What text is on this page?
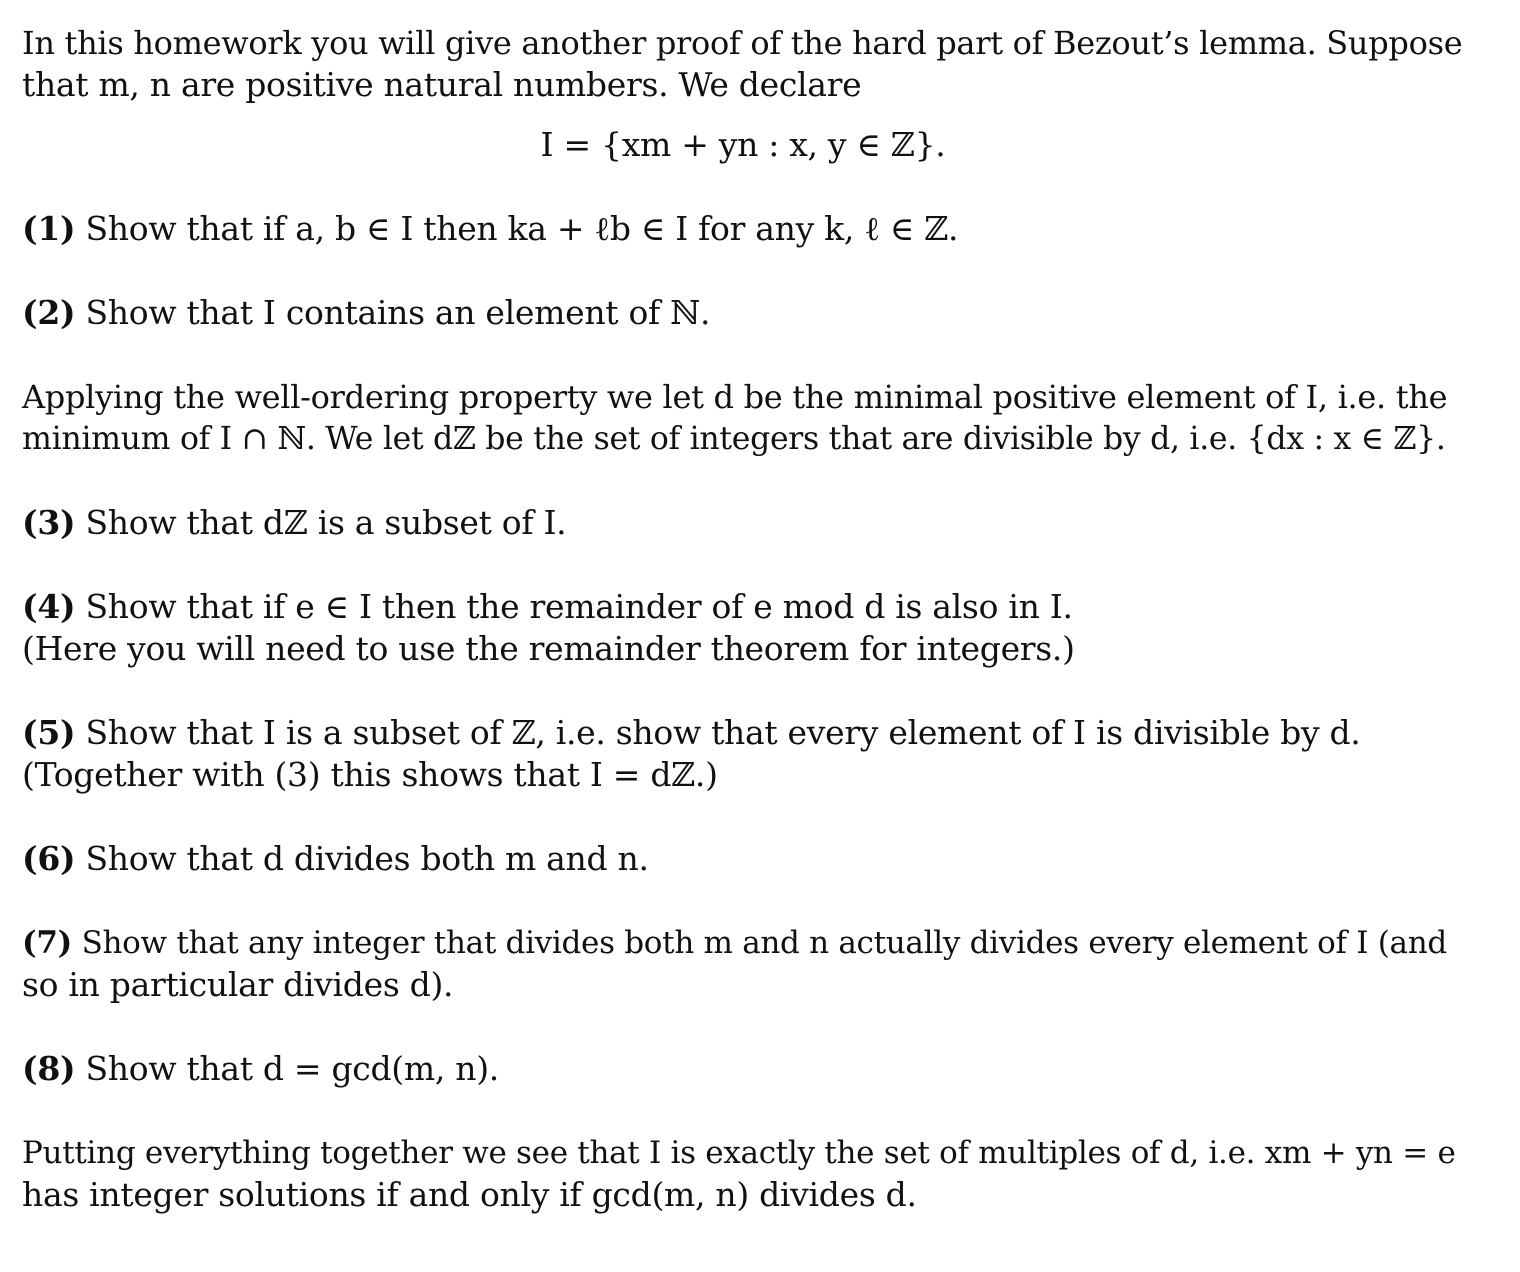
In this homework you will give another proof of the hard part of Bezout’s lemma. Suppose

that m, n are positive natural numbers. We declare

I = {xm + yn : x, y ∈ ℤ}.

(1) Show that if a, b ∈ I then ka + ℓb ∈ I for any k, ℓ ∈ ℤ.

(2) Show that I contains an element of ℕ.

Applying the well-ordering property we let d be the minimal positive element of I, i.e. the

minimum of I ∩ ℕ. We let dℤ be the set of integers that are divisible by d, i.e. {dx : x ∈ ℤ}.

(3) Show that dℤ is a subset of I.

(4) Show that if e ∈ I then the remainder of e mod d is also in I.

(Here you will need to use the remainder theorem for integers.)

(5) Show that I is a subset of ℤ, i.e. show that every element of I is divisible by d.

(Together with (3) this shows that I = dℤ.)

(6) Show that d divides both m and n.

(7) Show that any integer that divides both m and n actually divides every element of I (and

so in particular divides d).

(8) Show that d = gcd(m, n).

Putting everything together we see that I is exactly the set of multiples of d, i.e. xm + yn = e

has integer solutions if and only if gcd(m, n) divides d.
